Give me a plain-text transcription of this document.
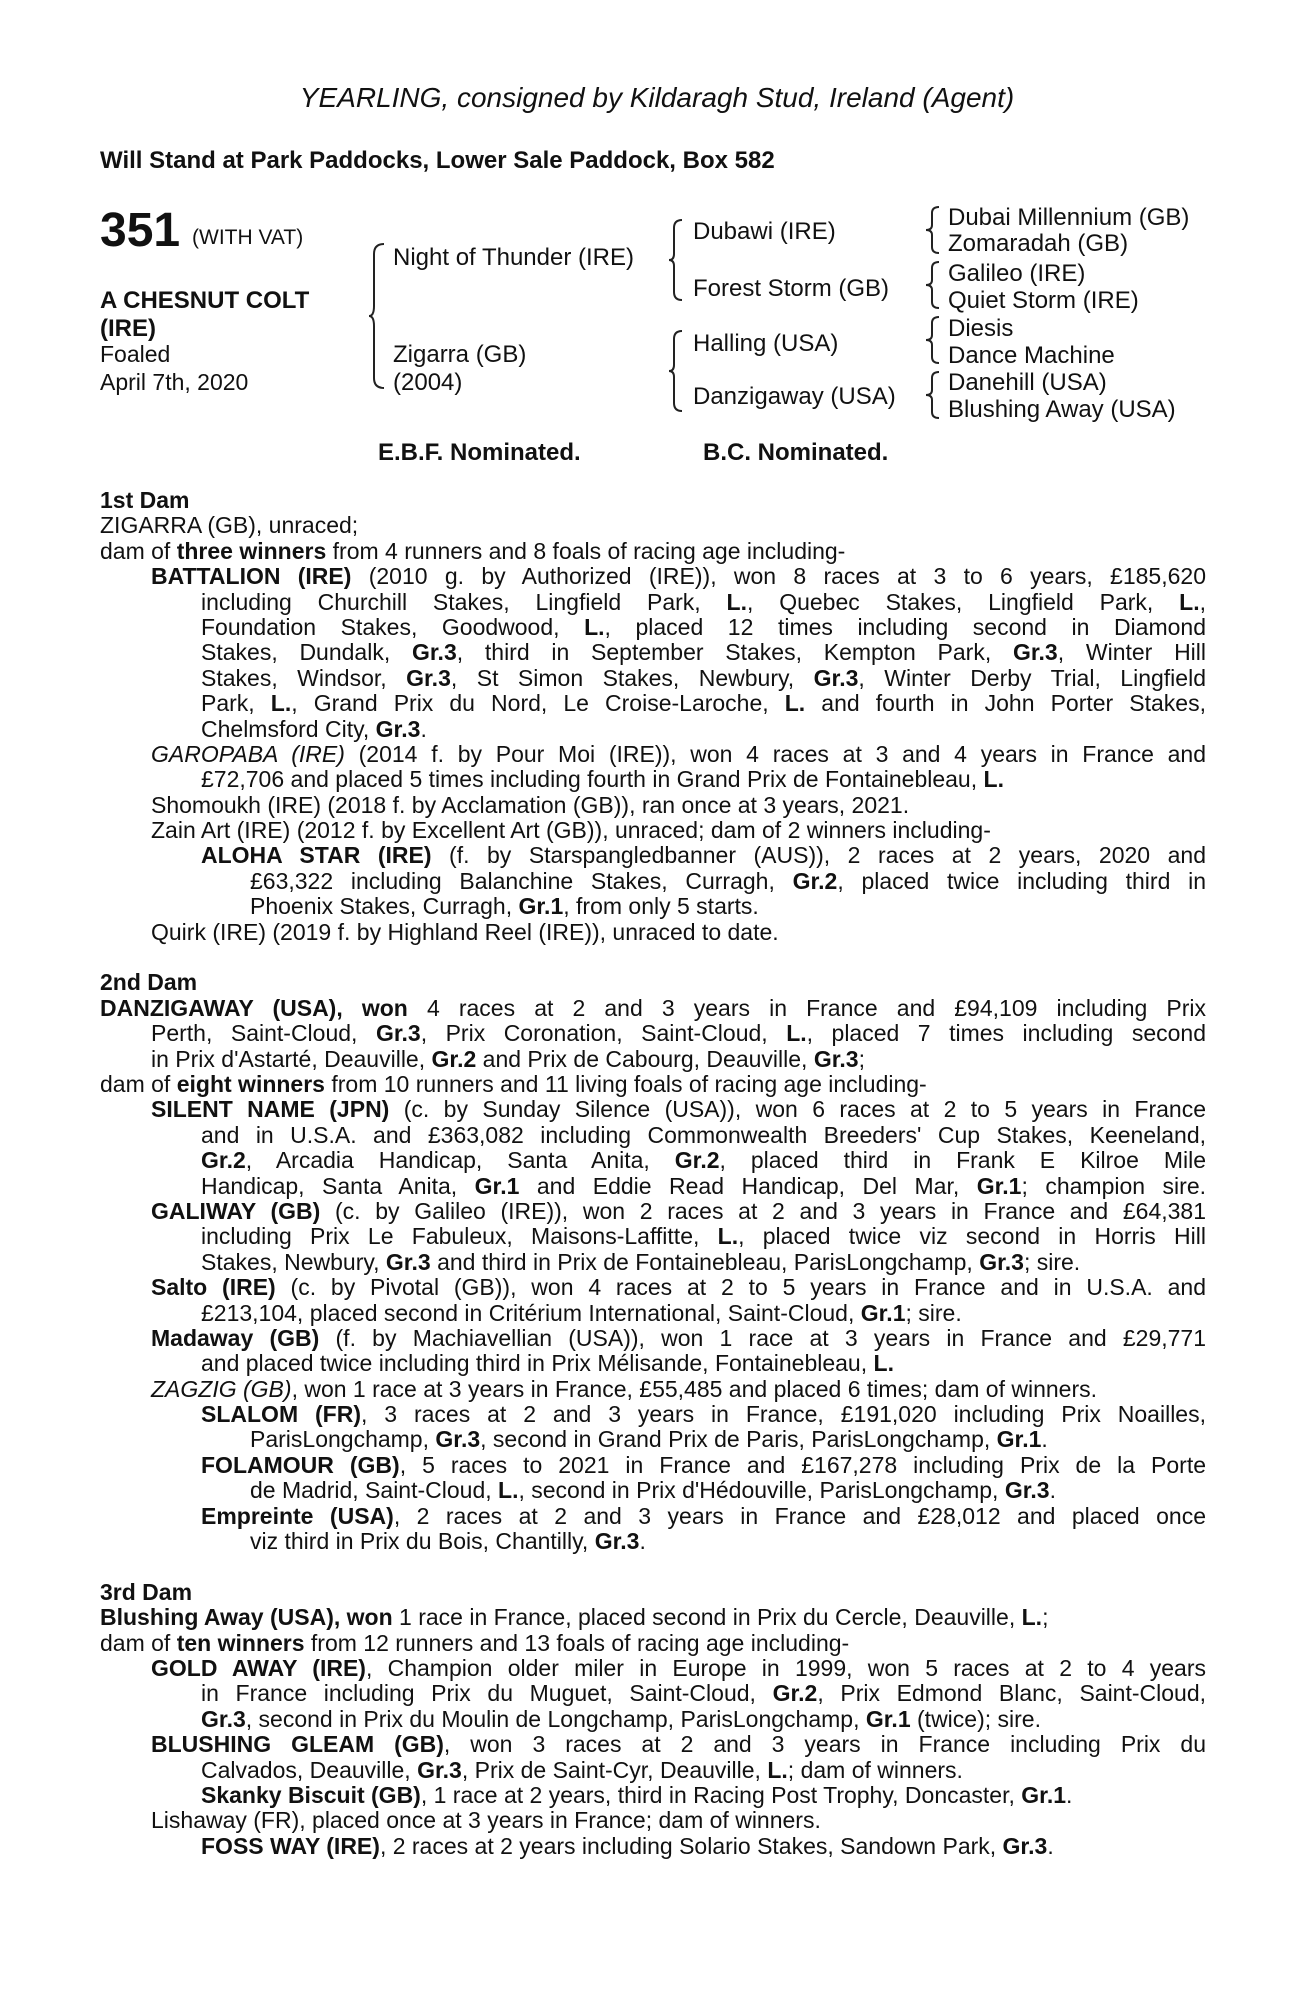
YEARLING, consigned by Kildaragh Stud, Ireland (Agent)
Will Stand at Park Paddocks, Lower Sale Paddock, Box 582
351 (WITH VAT)
A CHESNUT COLT
(IRE)
Foaled
April 7th, 2020
Night of Thunder (IRE)
Zigarra (GB)
(2004)
Dubawi (IRE)
Forest Storm (GB)
Halling (USA)
Danzigaway (USA)
Dubai Millennium (GB)
Zomaradah (GB)
Galileo (IRE)
Quiet Storm (IRE)
Diesis
Dance Machine
Danehill (USA)
Blushing Away (USA)
E.B.F. Nominated.	B.C. Nominated.
1st Dam
ZIGARRA (GB), unraced;
dam of three winners from 4 runners and 8 foals of racing age including-
BATTALION (IRE) (2010 g. by Authorized (IRE)), won 8 races at 3 to 6 years, £185,620
including Churchill Stakes, Lingfield Park, L., Quebec Stakes, Lingfield Park, L.,
Foundation Stakes, Goodwood, L., placed 12 times including second in Diamond
Stakes, Dundalk, Gr.3, third in September Stakes, Kempton Park, Gr.3, Winter Hill
Stakes, Windsor, Gr.3, St Simon Stakes, Newbury, Gr.3, Winter Derby Trial, Lingfield
Park, L., Grand Prix du Nord, Le Croise-Laroche, L. and fourth in John Porter Stakes,
Chelmsford City, Gr.3.
GAROPABA (IRE) (2014 f. by Pour Moi (IRE)), won 4 races at 3 and 4 years in France and
£72,706 and placed 5 times including fourth in Grand Prix de Fontainebleau, L.
Shomoukh (IRE) (2018 f. by Acclamation (GB)), ran once at 3 years, 2021.
Zain Art (IRE) (2012 f. by Excellent Art (GB)), unraced; dam of 2 winners including-
ALOHA STAR (IRE) (f. by Starspangledbanner (AUS)), 2 races at 2 years, 2020 and
£63,322 including Balanchine Stakes, Curragh, Gr.2, placed twice including third in
Phoenix Stakes, Curragh, Gr.1, from only 5 starts.
Quirk (IRE) (2019 f. by Highland Reel (IRE)), unraced to date.
2nd Dam
DANZIGAWAY (USA), won 4 races at 2 and 3 years in France and £94,109 including Prix
Perth, Saint-Cloud, Gr.3, Prix Coronation, Saint-Cloud, L., placed 7 times including second
in Prix d'Astarté, Deauville, Gr.2 and Prix de Cabourg, Deauville, Gr.3;
dam of eight winners from 10 runners and 11 living foals of racing age including-
SILENT NAME (JPN) (c. by Sunday Silence (USA)), won 6 races at 2 to 5 years in France
and in U.S.A. and £363,082 including Commonwealth Breeders' Cup Stakes, Keeneland,
Gr.2, Arcadia Handicap, Santa Anita, Gr.2, placed third in Frank E Kilroe Mile
Handicap, Santa Anita, Gr.1 and Eddie Read Handicap, Del Mar, Gr.1; champion sire.
GALIWAY (GB) (c. by Galileo (IRE)), won 2 races at 2 and 3 years in France and £64,381
including Prix Le Fabuleux, Maisons-Laffitte, L., placed twice viz second in Horris Hill
Stakes, Newbury, Gr.3 and third in Prix de Fontainebleau, ParisLongchamp, Gr.3; sire.
Salto (IRE) (c. by Pivotal (GB)), won 4 races at 2 to 5 years in France and in U.S.A. and
£213,104, placed second in Critérium International, Saint-Cloud, Gr.1; sire.
Madaway (GB) (f. by Machiavellian (USA)), won 1 race at 3 years in France and £29,771
and placed twice including third in Prix Mélisande, Fontainebleau, L.
ZAGZIG (GB), won 1 race at 3 years in France, £55,485 and placed 6 times; dam of winners.
SLALOM (FR), 3 races at 2 and 3 years in France, £191,020 including Prix Noailles,
ParisLongchamp, Gr.3, second in Grand Prix de Paris, ParisLongchamp, Gr.1.
FOLAMOUR (GB), 5 races to 2021 in France and £167,278 including Prix de la Porte
de Madrid, Saint-Cloud, L., second in Prix d'Hédouville, ParisLongchamp, Gr.3.
Empreinte (USA), 2 races at 2 and 3 years in France and £28,012 and placed once
viz third in Prix du Bois, Chantilly, Gr.3.
3rd Dam
Blushing Away (USA), won 1 race in France, placed second in Prix du Cercle, Deauville, L.;
dam of ten winners from 12 runners and 13 foals of racing age including-
GOLD AWAY (IRE), Champion older miler in Europe in 1999, won 5 races at 2 to 4 years
in France including Prix du Muguet, Saint-Cloud, Gr.2, Prix Edmond Blanc, Saint-Cloud,
Gr.3, second in Prix du Moulin de Longchamp, ParisLongchamp, Gr.1 (twice); sire.
BLUSHING GLEAM (GB), won 3 races at 2 and 3 years in France including Prix du
Calvados, Deauville, Gr.3, Prix de Saint-Cyr, Deauville, L.; dam of winners.
Skanky Biscuit (GB), 1 race at 2 years, third in Racing Post Trophy, Doncaster, Gr.1.
Lishaway (FR), placed once at 3 years in France; dam of winners.
FOSS WAY (IRE), 2 races at 2 years including Solario Stakes, Sandown Park, Gr.3.
